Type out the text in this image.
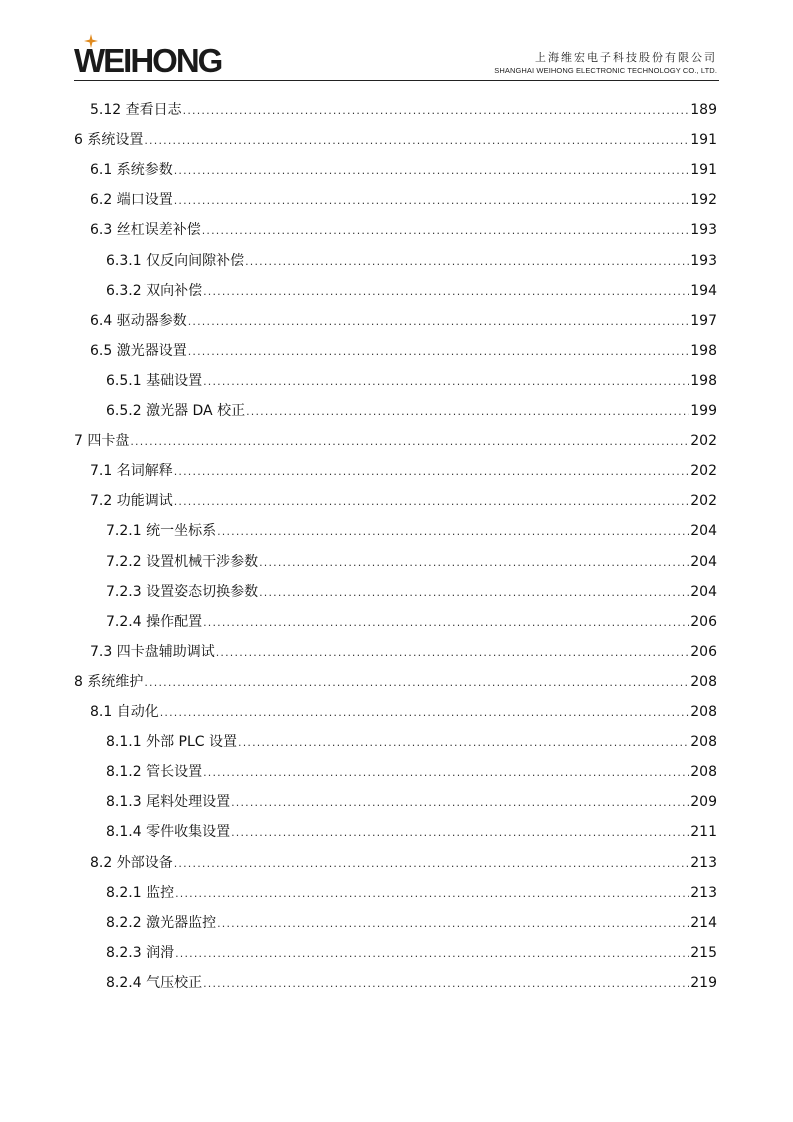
WEIHONG	上海维宏电子科技股份有限公司
SHANGHAI WEIHONG ELECTRONIC TECHNOLOGY CO., LTD.
5.12 查看日志 .....	189
6 系统设置 .....	191
6.1 系统参数 .....	191
6.2 端口设置 .....	192
6.3 丝杠误差补偿 .....	193
6.3.1 仅反向间隙补偿 .....	193
6.3.2 双向补偿 .....	194
6.4 驱动器参数 .....	197
6.5 激光器设置 .....	198
6.5.1 基础设置 .....	198
6.5.2 激光器 DA 校正 .....	199
7 四卡盘 .....	202
7.1 名词解释 .....	202
7.2 功能调试 .....	202
7.2.1 统一坐标系 .....	204
7.2.2 设置机械干涉参数 .....	204
7.2.3 设置姿态切换参数 .....	204
7.2.4 操作配置 .....	206
7.3 四卡盘辅助调试 .....	206
8 系统维护 .....	208
8.1 自动化 .....	208
8.1.1 外部 PLC 设置 .....	208
8.1.2 管长设置 .....	208
8.1.3 尾料处理设置 .....	209
8.1.4 零件收集设置 .....	211
8.2 外部设备 .....	213
8.2.1 监控 .....	213
8.2.2 激光器监控 .....	214
8.2.3 润滑 .....	215
8.2.4 气压校正 .....	219
